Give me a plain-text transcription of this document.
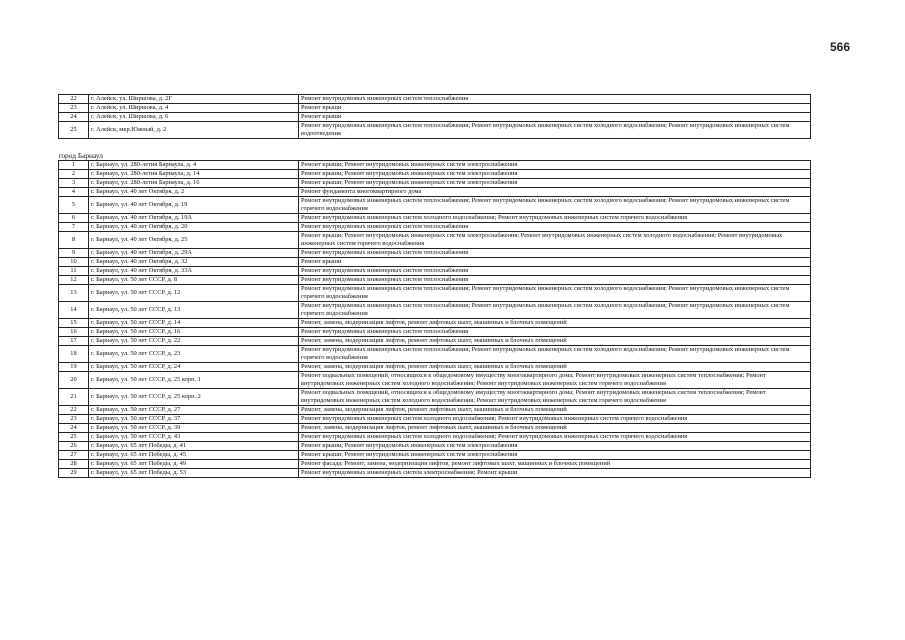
566
22	г. Алейск, ул. Ширшова, д. 2Г	Ремонт внутридомовых инженерных систем теплоснабжения
23	г. Алейск, ул. Ширшова, д. 4	Ремонт крыши
24	г. Алейск, ул. Ширшова, д. 6	Ремонт крыши
25	г. Алейск, мкр.Южный, д. 2	Ремонт внутридомовых инженерных систем теплоснабжения; Ремонт внутридомовых инженерных систем холодного водоснабжения; Ремонт внутридомовых инженерных систем водоотведения
город Барнаул		
1	г. Барнаул, ул. 280-летия Барнаула, д. 4	Ремонт крыши; Ремонт внутридомовых инженерных систем электроснабжения
2	г. Барнаул, ул. 280-летия Барнаула, д. 14	Ремонт крыши; Ремонт внутридомовых инженерных систем электроснабжения
3	г. Барнаул, ул. 280-летия Барнаула, д. 16	Ремонт крыши; Ремонт внутридомовых инженерных систем электроснабжения
4	г. Барнаул, ул. 40 лет Октября, д. 2	Ремонт фундамента многоквартирного дома
5	г. Барнаул, ул. 40 лет Октября, д. 19	Ремонт внутридомовых инженерных систем теплоснабжения; Ремонт внутридомовых инженерных систем холодного водоснабжения; Ремонт внутридомовых инженерных систем горячего водоснабжения
6	г. Барнаул, ул. 40 лет Октября, д. 19А	Ремонт внутридомовых инженерных систем холодного водоснабжения; Ремонт внутридомовых инженерных систем горячего водоснабжения
7	г. Барнаул, ул. 40 лет Октября, д. 20	Ремонт внутридомовых инженерных систем теплоснабжения
8	г. Барнаул, ул. 40 лет Октября, д. 25	Ремонт крыши; Ремонт внутридомовых инженерных систем электроснабжения; Ремонт внутридомовых инженерных систем холодного водоснабжения; Ремонт внутридомовых инженерных систем горячего водоснабжения
9	г. Барнаул, ул. 40 лет Октября, д. 29А	Ремонт внутридомовых инженерных систем теплоснабжения
10	г. Барнаул, ул. 40 лет Октября, д. 32	Ремонт крыши
11	г. Барнаул, ул. 40 лет Октября, д. 33А	Ремонт внутридомовых инженерных систем теплоснабжения
12	г. Барнаул, ул. 50 лет СССР, д. 8	Ремонт внутридомовых инженерных систем теплоснабжения
13	г. Барнаул, ул. 50 лет СССР, д. 12	Ремонт внутридомовых инженерных систем теплоснабжения; Ремонт внутридомовых инженерных систем холодного водоснабжения; Ремонт внутридомовых инженерных систем горячего водоснабжения
14	г. Барнаул, ул. 50 лет СССР, д. 13	Ремонт внутридомовых инженерных систем теплоснабжения; Ремонт внутридомовых инженерных систем холодного водоснабжения; Ремонт внутридомовых инженерных систем горячего водоснабжения
15	г. Барнаул, ул. 50 лет СССР, д. 14	Ремонт, замена, модернизация лифтов, ремонт лифтовых шахт, машинных и блочных помещений
16	г. Барнаул, ул. 50 лет СССР, д. 16	Ремонт внутридомовых инженерных систем теплоснабжения
17	г. Барнаул, ул. 50 лет СССР, д. 22	Ремонт, замена, модернизация лифтов, ремонт лифтовых шахт, машинных и блочных помещений
18	г. Барнаул, ул. 50 лет СССР, д. 23	Ремонт внутридомовых инженерных систем теплоснабжения; Ремонт внутридомовых инженерных систем холодного водоснабжения; Ремонт внутридомовых инженерных систем горячего водоснабжения
19	г. Барнаул, ул. 50 лет СССР, д. 24	Ремонт, замена, модернизация лифтов, ремонт лифтовых шахт, машинных и блочных помещений
20	г. Барнаул, ул. 50 лет СССР, д. 25 корп. 1	Ремонт подвальных помещений, относящихся к общедомовому имуществу многоквартирного дома; Ремонт внутридомовых инженерных систем теплоснабжения; Ремонт внутридомовых инженерных систем холодного водоснабжения; Ремонт внутридомовых инженерных систем горячего водоснабжения
21	г. Барнаул, ул. 50 лет СССР, д. 25 корп. 2	Ремонт подвальных помещений, относящихся к общедомовому имуществу многоквартирного дома; Ремонт внутридомовых инженерных систем теплоснабжения; Ремонт внутридомовых инженерных систем холодного водоснабжения; Ремонт внутридомовых инженерных систем горячего водоснабжения
22	г. Барнаул, ул. 50 лет СССР, д. 27	Ремонт, замена, модернизация лифтов, ремонт лифтовых шахт, машинных и блочных помещений
23	г. Барнаул, ул. 50 лет СССР, д. 37	Ремонт внутридомовых инженерных систем холодного водоснабжения; Ремонт внутридомовых инженерных систем горячего водоснабжения
24	г. Барнаул, ул. 50 лет СССР, д. 39	Ремонт, замена, модернизация лифтов, ремонт лифтовых шахт, машинных и блочных помещений
25	г. Барнаул, ул. 50 лет СССР, д. 43	Ремонт внутридомовых инженерных систем холодного водоснабжения; Ремонт внутридомовых инженерных систем горячего водоснабжения
26	г. Барнаул, ул. 65 лет Победы, д. 41	Ремонт крыши; Ремонт внутридомовых инженерных систем электроснабжения
27	г. Барнаул, ул. 65 лет Победы, д. 45	Ремонт крыши; Ремонт внутридомовых инженерных систем электроснабжения
28	г. Барнаул, ул. 65 лет Победы, д. 49	Ремонт фасада; Ремонт, замена, модернизация лифтов, ремонт лифтовых шахт, машинных и блочных помещений
29	г. Барнаул, ул. 65 лет Победы, д. 53	Ремонт внутридомовых инженерных систем электроснабжения; Ремонт крыши
